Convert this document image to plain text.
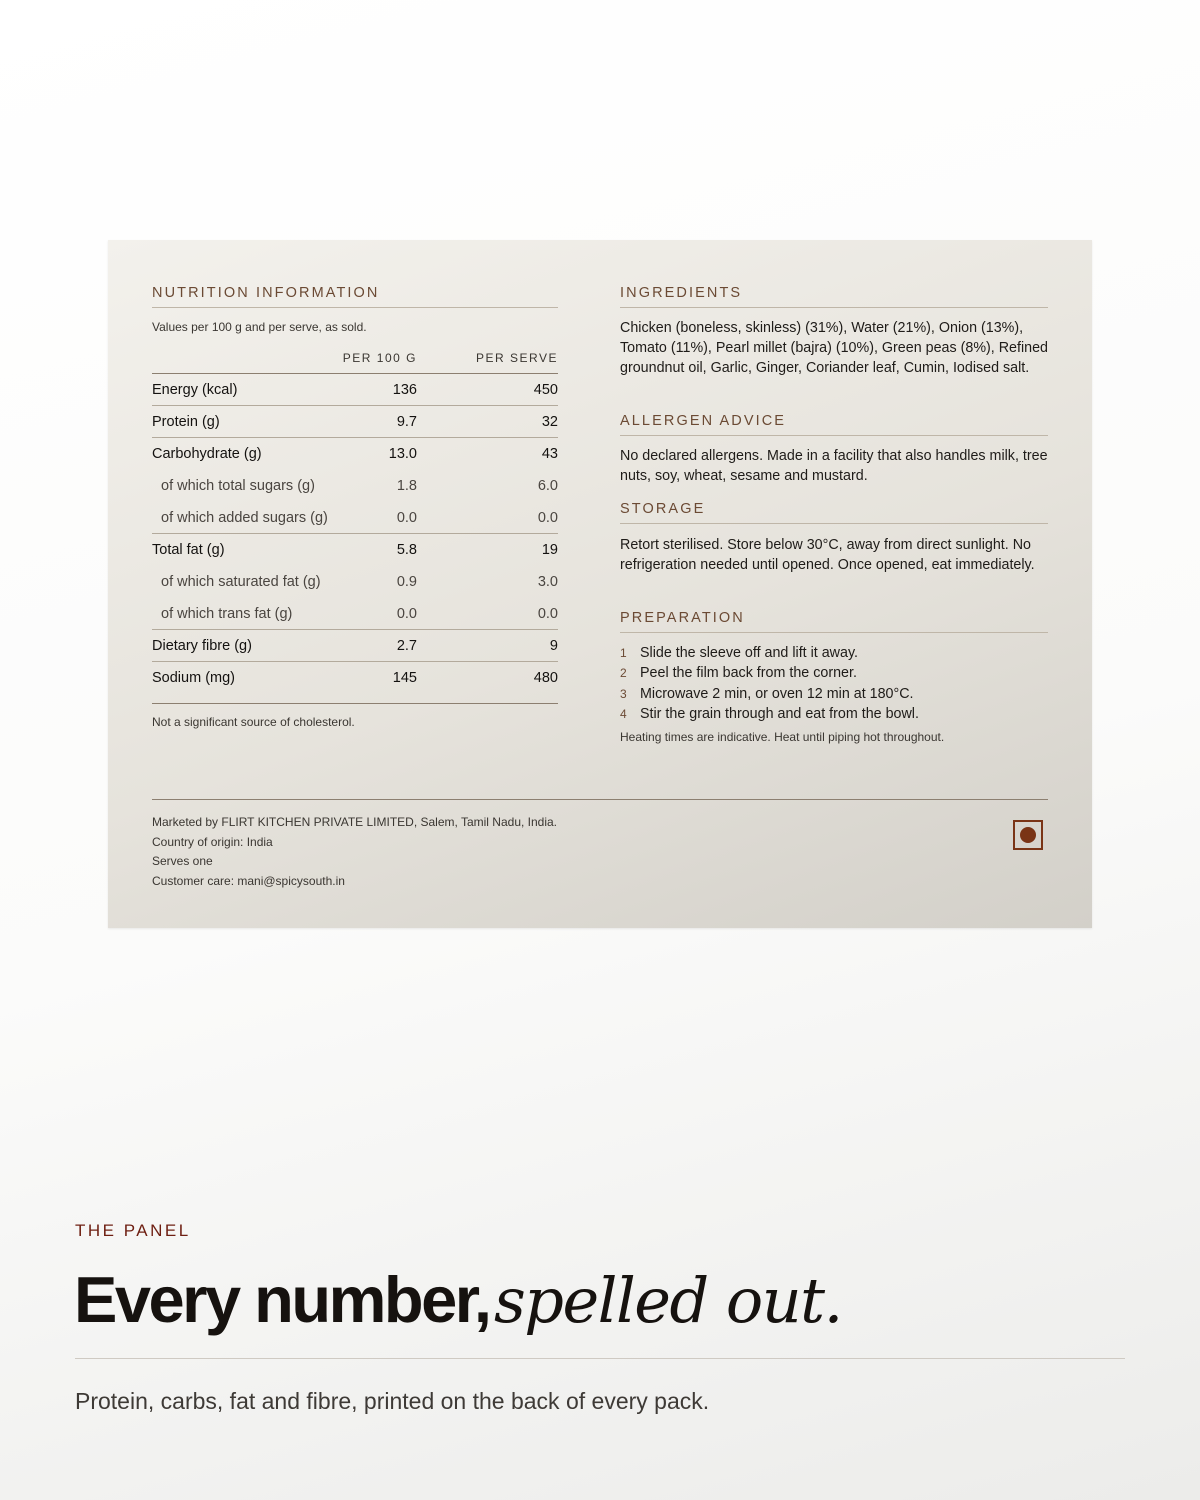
NUTRITION INFORMATION
Values per 100 g and per serve, as sold.
PER 100 G	PER SERVE
Energy (kcal)	136	450
Protein (g)	9.7	32
Carbohydrate (g)	13.0	43
of which total sugars (g)	1.8	6.0
of which added sugars (g)	0.0	0.0
Total fat (g)	5.8	19
of which saturated fat (g)	0.9	3.0
of which trans fat (g)	0.0	0.0
Dietary fibre (g)	2.7	9
Sodium (mg)	145	480
Not a significant source of cholesterol.
INGREDIENTS
Chicken (boneless, skinless) (31%), Water (21%), Onion (13%), Tomato (11%), Pearl millet (bajra) (10%), Green peas (8%), Refined groundnut oil, Garlic, Ginger, Coriander leaf, Cumin, Iodised salt.
ALLERGEN ADVICE
No declared allergens. Made in a facility that also handles milk, tree nuts, soy, wheat, sesame and mustard.
STORAGE
Retort sterilised. Store below 30°C, away from direct sunlight. No refrigeration needed until opened. Once opened, eat immediately.
PREPARATION
1 Slide the sleeve off and lift it away.
2 Peel the film back from the corner.
3 Microwave 2 min, or oven 12 min at 180°C.
4 Stir the grain through and eat from the bowl.
Heating times are indicative. Heat until piping hot throughout.
Marketed by FLIRT KITCHEN PRIVATE LIMITED, Salem, Tamil Nadu, India.
Country of origin: India
Serves one
Customer care: mani@spicysouth.in
THE PANEL
Every number, spelled out.
Protein, carbs, fat and fibre, printed on the back of every pack.
